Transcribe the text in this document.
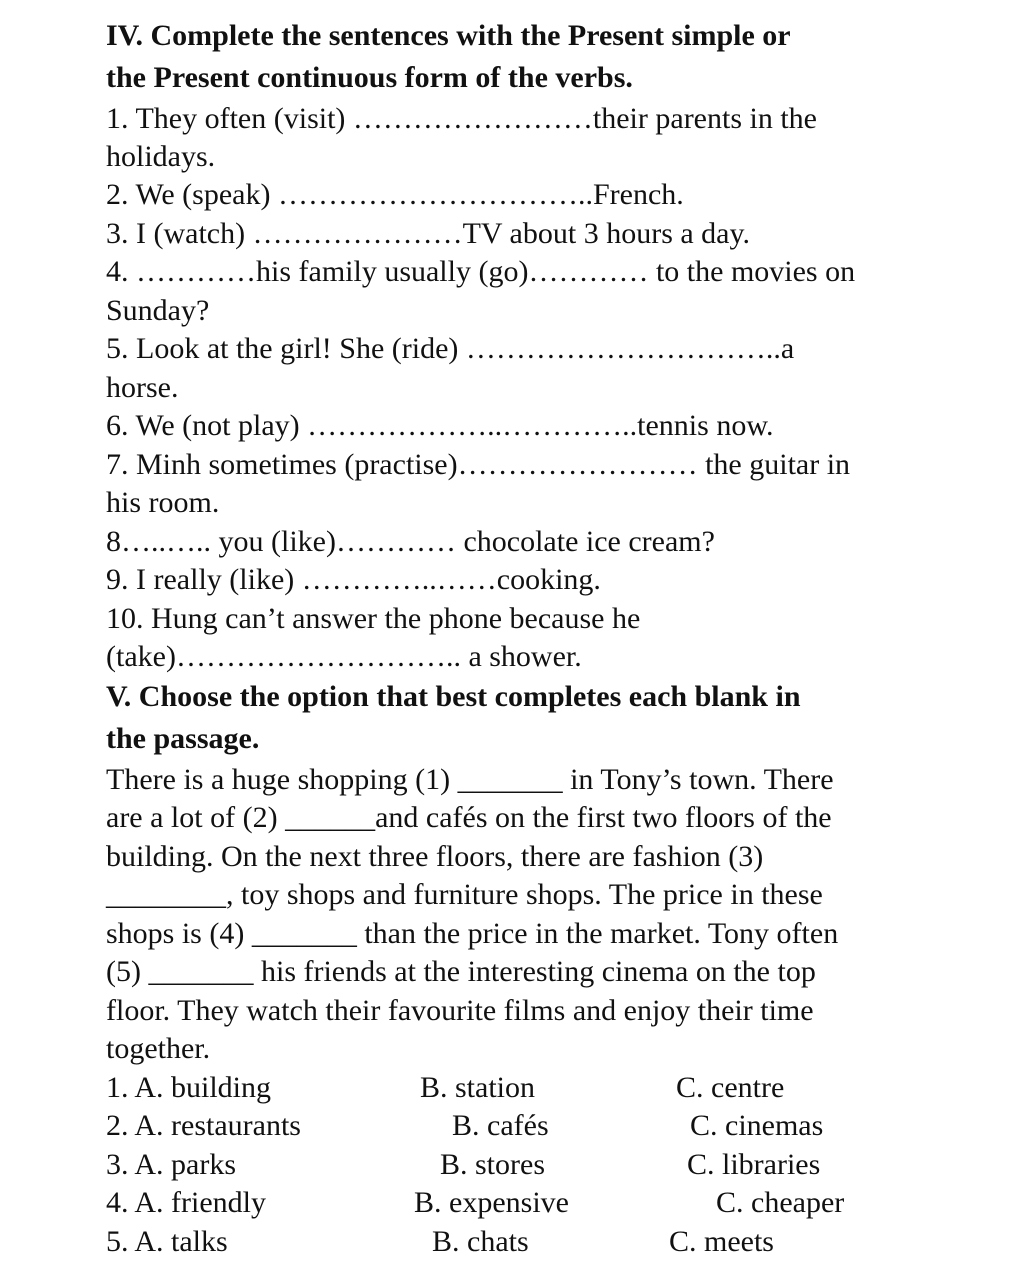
IV. Complete the sentences with the Present simple or
the Present continuous form of the verbs.
1. They often (visit) ……………………their parents in the
holidays.
2. We (speak) …………………………..French.
3. I (watch) …………………TV about 3 hours a day.
4. …………his family usually (go)………… to the movies on
Sunday?
5. Look at the girl! She (ride) …………………………..a
horse.
6. We (not play) ………………..…………..tennis now.
7. Minh sometimes (practise)…………………… the guitar in
his room.
8…..….. you (like)………… chocolate ice cream?
9. I really (like) …………..……cooking.
10. Hung can’t answer the phone because he
(take)……………………….. a shower.
V. Choose the option that best completes each blank in
the passage.
There is a huge shopping (1) _______ in Tony’s town. There
are a lot of (2) ______and cafés on the first two floors of the
building. On the next three floors, there are fashion (3)
________, toy shops and furniture shops. The price in these
shops is (4) _______ than the price in the market. Tony often
(5) _______ his friends at the interesting cinema on the top
floor. They watch their favourite films and enjoy their time
together.
1. A. building	B. station	C. centre
2. A. restaurants	B. cafés	C. cinemas
3. A. parks	B. stores	C. libraries
4. A. friendly	B. expensive	C. cheaper
5. A. talks	B. chats	C. meets
